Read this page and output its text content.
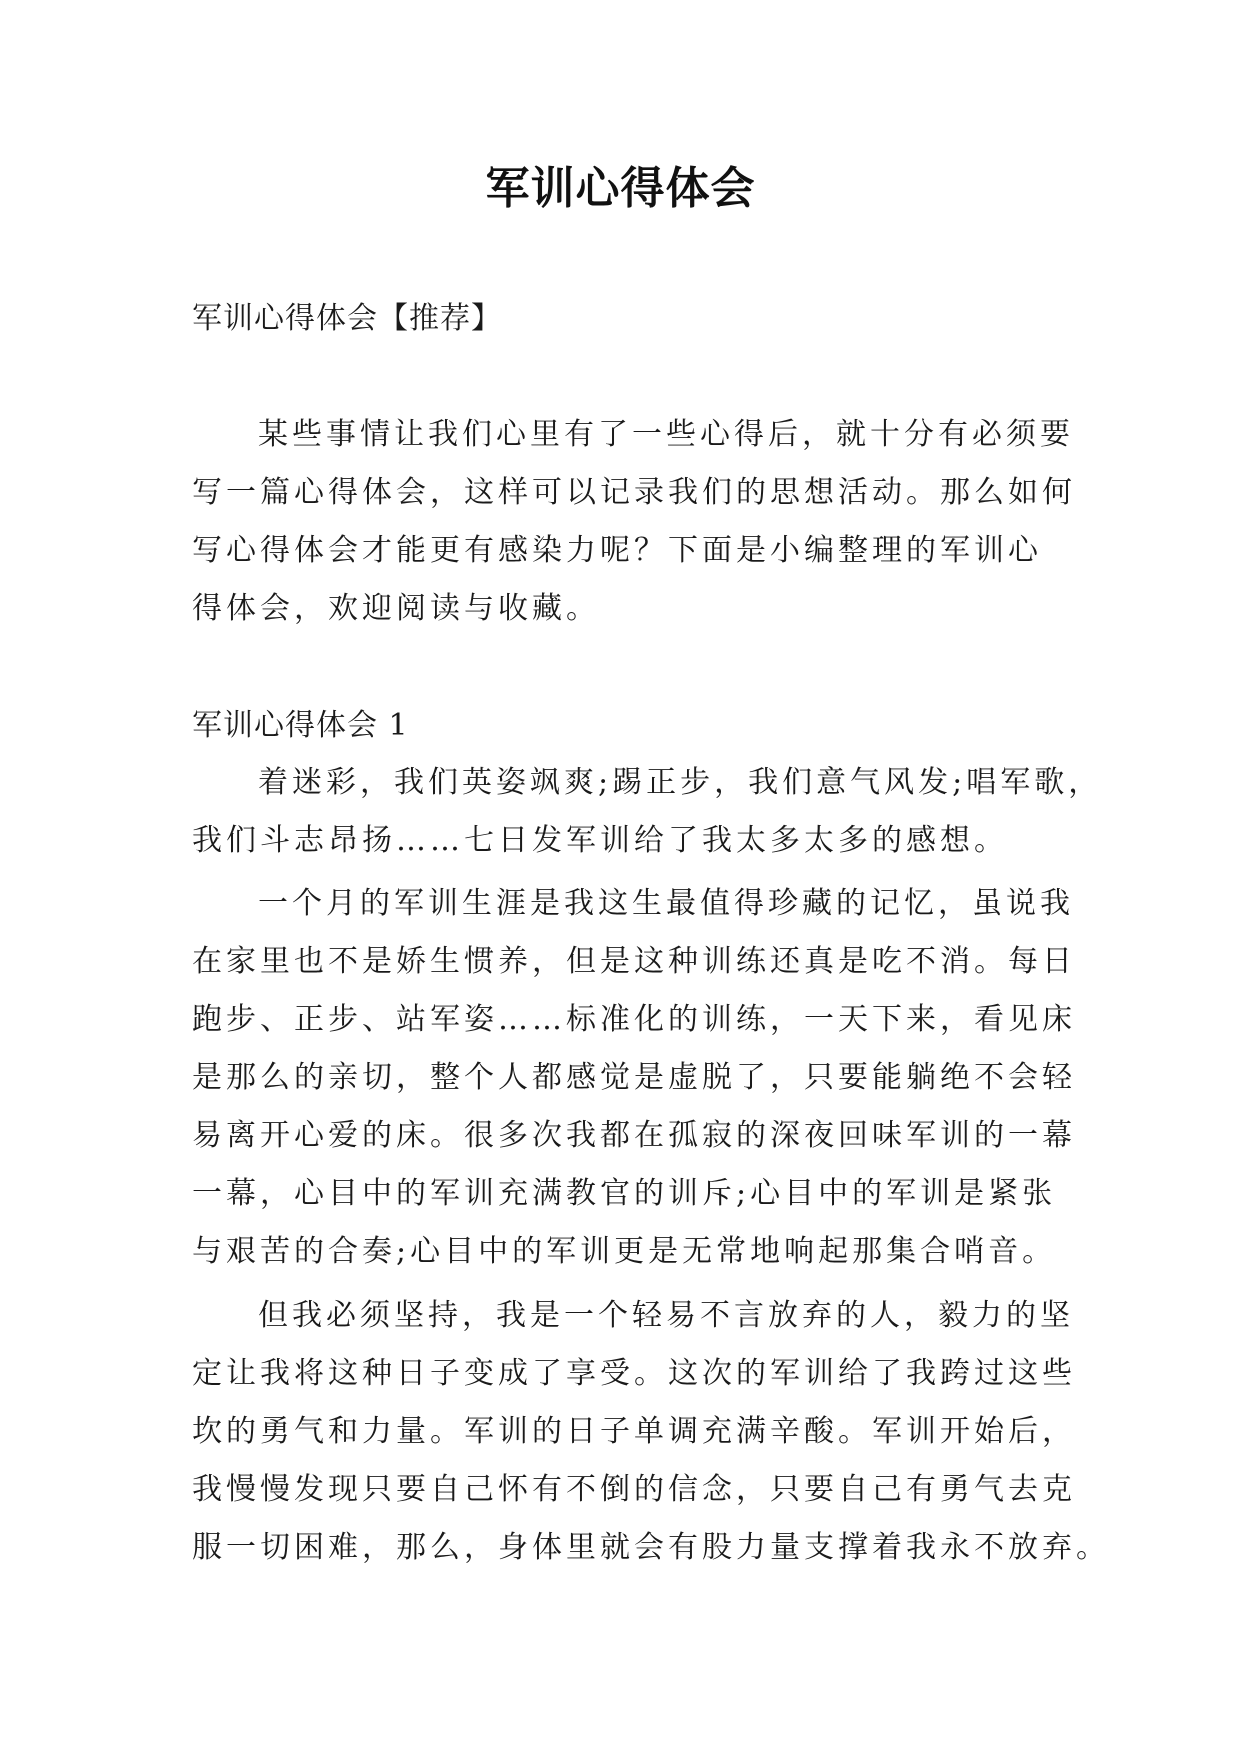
军训心得体会
军训心得体会【推荐】
某些事情让我们心里有了一些心得后，就十分有必须要
写一篇心得体会，这样可以记录我们的思想活动。那么如何
写心得体会才能更有感染力呢？下面是小编整理的军训心
得体会，欢迎阅读与收藏。
军训心得体会 1
着迷彩，我们英姿飒爽;踢正步，我们意气风发;唱军歌，
我们斗志昂扬……七日发军训给了我太多太多的感想。
一个月的军训生涯是我这生最值得珍藏的记忆，虽说我
在家里也不是娇生惯养，但是这种训练还真是吃不消。每日
跑步、正步、站军姿……标准化的训练，一天下来，看见床
是那么的亲切，整个人都感觉是虚脱了，只要能躺绝不会轻
易离开心爱的床。很多次我都在孤寂的深夜回味军训的一幕
一幕，心目中的军训充满教官的训斥;心目中的军训是紧张
与艰苦的合奏;心目中的军训更是无常地响起那集合哨音。
但我必须坚持，我是一个轻易不言放弃的人，毅力的坚
定让我将这种日子变成了享受。这次的军训给了我跨过这些
坎的勇气和力量。军训的日子单调充满辛酸。军训开始后，
我慢慢发现只要自己怀有不倒的信念，只要自己有勇气去克
服一切困难，那么，身体里就会有股力量支撑着我永不放弃。
